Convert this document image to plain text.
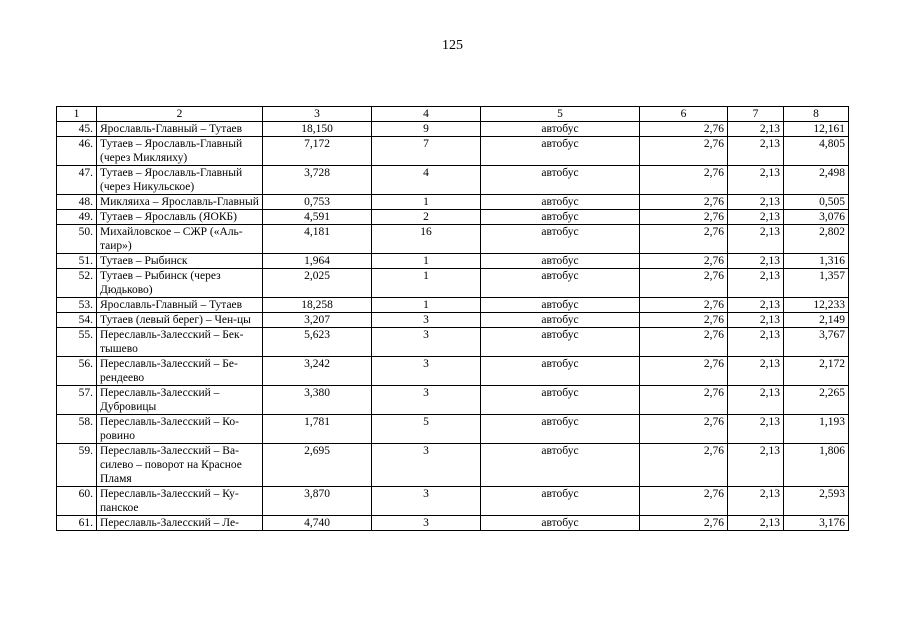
125
1	2	3	4	5	6	7	8
45.	Ярославль-Главный – Тутаев	18,150	9	автобус	2,76	2,13	12,161
46.	Тутаев – Ярославль-Главный (через Микляиху)	7,172	7	автобус	2,76	2,13	4,805
47.	Тутаев – Ярославль-Главный (через Никульское)	3,728	4	автобус	2,76	2,13	2,498
48.	Микляиха – Ярославль-Главный	0,753	1	автобус	2,76	2,13	0,505
49.	Тутаев – Ярославль (ЯОКБ)	4,591	2	автобус	2,76	2,13	3,076
50.	Михайловское – СЖР («Аль-таир»)	4,181	16	автобус	2,76	2,13	2,802
51.	Тутаев – Рыбинск	1,964	1	автобус	2,76	2,13	1,316
52.	Тутаев – Рыбинск (через Дюдьково)	2,025	1	автобус	2,76	2,13	1,357
53.	Ярославль-Главный – Тутаев	18,258	1	автобус	2,76	2,13	12,233
54.	Тутаев (левый берег) – Чен-цы	3,207	3	автобус	2,76	2,13	2,149
55.	Переславль-Залесский – Бек-тышево	5,623	3	автобус	2,76	2,13	3,767
56.	Переславль-Залесский – Бе-рендеево	3,242	3	автобус	2,76	2,13	2,172
57.	Переславль-Залесский – Дубровицы	3,380	3	автобус	2,76	2,13	2,265
58.	Переславль-Залесский – Ко-ровино	1,781	5	автобус	2,76	2,13	1,193
59.	Переславль-Залесский – Ва-силево – поворот на Красное Пламя	2,695	3	автобус	2,76	2,13	1,806
60.	Переславль-Залесский – Ку-панское	3,870	3	автобус	2,76	2,13	2,593
61.	Переславль-Залесский – Ле-	4,740	3	автобус	2,76	2,13	3,176
